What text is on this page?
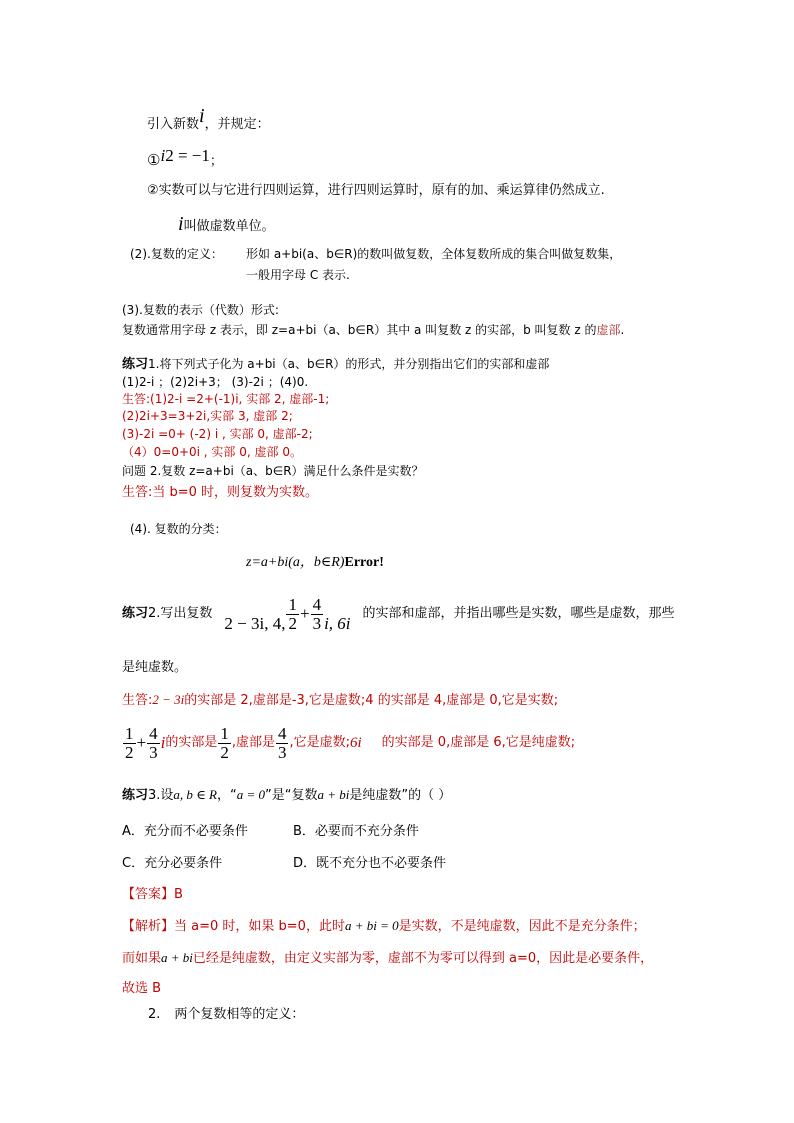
引入新数i，并规定：
①i2 = −1；
②实数可以与它进行四则运算，进行四则运算时，原有的加、乘运算律仍然成立.
i叫做虚数单位。
(2).复数的定义： 形如 a+bi(a、b∈R)的数叫做复数，全体复数所成的集合叫做复数集，
一般用字母 C 表示.
(3).复数的表示（代数）形式:
复数通常用字母 z 表示，即 z=a+bi（a、b∈R）其中 a 叫复数 z 的实部，b 叫复数 z 的虚部.
练习1.将下列式子化为 a+bi（a、b∈R）的形式，并分别指出它们的实部和虚部
(1)2-i ；(2)2i+3； (3)-2i ；(4)0.
生答:(1)2-i =2+(-1)i, 实部 2, 虚部-1;
(2)2i+3=3+2i,实部 3, 虚部 2;
(3)-2i =0+ (-2) i , 实部 0, 虚部-2;
（4）0=0+0i , 实部 0, 虚部 0。
问题 2.复数 z=a+bi（a、b∈R）满足什么条件是实数？
生答:当 b=0 时，则复数为实数。
(4). 复数的分类：
z=a+bi(a，b∈R)Error!
练习 2.写出复数
2 − 3i, 4, $\frac{1}{2} + \frac{4}{3} i$, 6i
的实部和虚部，并指出哪些是实数，哪些是虚数，那些
是纯虚数。
生答:2 − 3i的实部是 2,虚部是-3,它是虚数;4 的实部是 4,虚部是 0,它是实数;
$\frac{1}{2} + \frac{4}{3}$ i 的实部是 $\frac{1}{2}$ ,虚部是 $\frac{4}{3}$ ,它是虚数; 6i 的实部是 0,虚部是 6,它是纯虚数;
练习3.设a, b ∈ R，“a = 0”是“复数a + bi是纯虚数”的（ ）
A．充分而不必要条件	B．必要而不充分条件
C．充分必要条件	D．既不充分也不必要条件
【答案】B
【解析】当 a=0 时，如果 b=0，此时a + bi = 0是实数，不是纯虚数，因此不是充分条件；
而如果a + bi已经是纯虚数，由定义实部为零，虚部不为零可以得到 a=0，因此是必要条件，
故选 B
2. 两个复数相等的定义：
